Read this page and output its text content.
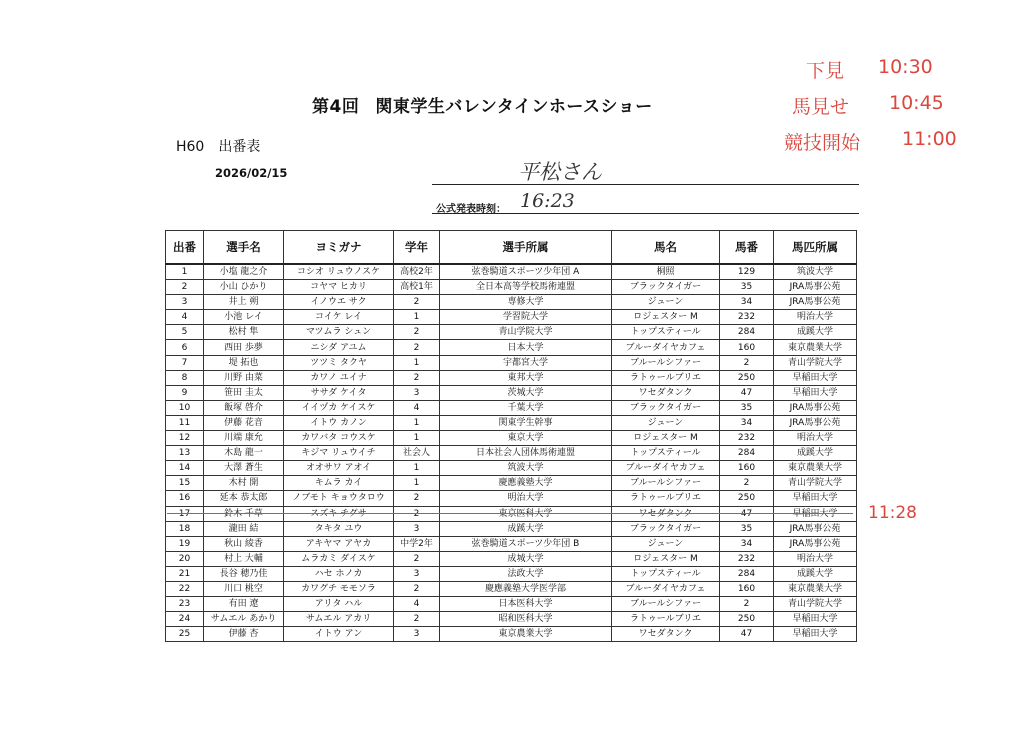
第4回 関東学生バレンタインホースショー
下見 10:30
馬見せ 10:45
競技開始 11:00
H60 出番表
2026/02/15	平松さん
公式発表時刻： 16:23
出番	選手名	ヨミガナ	学年	選手所属	馬名	馬番	馬匹所属
1	小塩 龍之介	コシオ リュウノスケ	高校2年	弦巻騎道スポーツ少年団 A	桐照	129	筑波大学
2	小山 ひかり	コヤマ ヒカリ	高校1年	全日本高等学校馬術連盟	ブラックタイガー	35	JRA馬事公苑
3	井上 朔	イノウエ サク	2	専修大学	ジューン	34	JRA馬事公苑
4	小池 レイ	コイケ レイ	1	学習院大学	ロジェスター M	232	明治大学
5	松村 隼	マツムラ シュン	2	青山学院大学	トップスティール	284	成蹊大学
6	西田 歩夢	ニシダ アユム	2	日本大学	ブルーダイヤカフェ	160	東京農業大学
7	堤 拓也	ツツミ タクヤ	1	宇都宮大学	ブルールシファー	2	青山学院大学
8	川野 由菜	カワノ ユイナ	2	東邦大学	ラトゥールブリエ	250	早稲田大学
9	笹田 圭太	ササダ ケイタ	3	茨城大学	ワセダタンク	47	早稲田大学
10	飯塚 啓介	イイヅカ ケイスケ	4	千葉大学	ブラックタイガー	35	JRA馬事公苑
11	伊藤 花音	イトウ カノン	1	関東学生幹事	ジューン	34	JRA馬事公苑
12	川端 康允	カワバタ コウスケ	1	東京大学	ロジェスター M	232	明治大学
13	木島 龍一	キジマ リュウイチ	社会人	日本社会人団体馬術連盟	トップスティール	284	成蹊大学
14	大澤 蒼生	オオサワ アオイ	1	筑波大学	ブルーダイヤカフェ	160	東京農業大学
15	木村 開	キムラ カイ	1	慶應義塾大学	ブルールシファー	2	青山学院大学
16	延本 恭太郎	ノブモト キョウタロウ	2	明治大学	ラトゥールブリエ	250	早稲田大学
17	鈴木 千草	スズキ チグサ	2	東京医科大学	ワセダタンク	47	早稲田大学
18	瀧田 結	タキタ ユウ	3	成蹊大学	ブラックタイガー	35	JRA馬事公苑
19	秋山 綾香	アキヤマ アヤカ	中学2年	弦巻騎道スポーツ少年団 B	ジューン	34	JRA馬事公苑
20	村上 大輔	ムラカミ ダイスケ	2	成城大学	ロジェスター M	232	明治大学
21	長谷 穂乃佳	ハセ ホノカ	3	法政大学	トップスティール	284	成蹊大学
22	川口 桃空	カワグチ モモソラ	2	慶應義塾大学医学部	ブルーダイヤカフェ	160	東京農業大学
23	有田 遼	アリタ ハル	4	日本医科大学	ブルールシファー	2	青山学院大学
24	サムエル あかり	サムエル アカリ	2	昭和医科大学	ラトゥールブリエ	250	早稲田大学
25	伊藤 杏	イトウ アン	3	東京農業大学	ワセダタンク	47	早稲田大学
11:28
